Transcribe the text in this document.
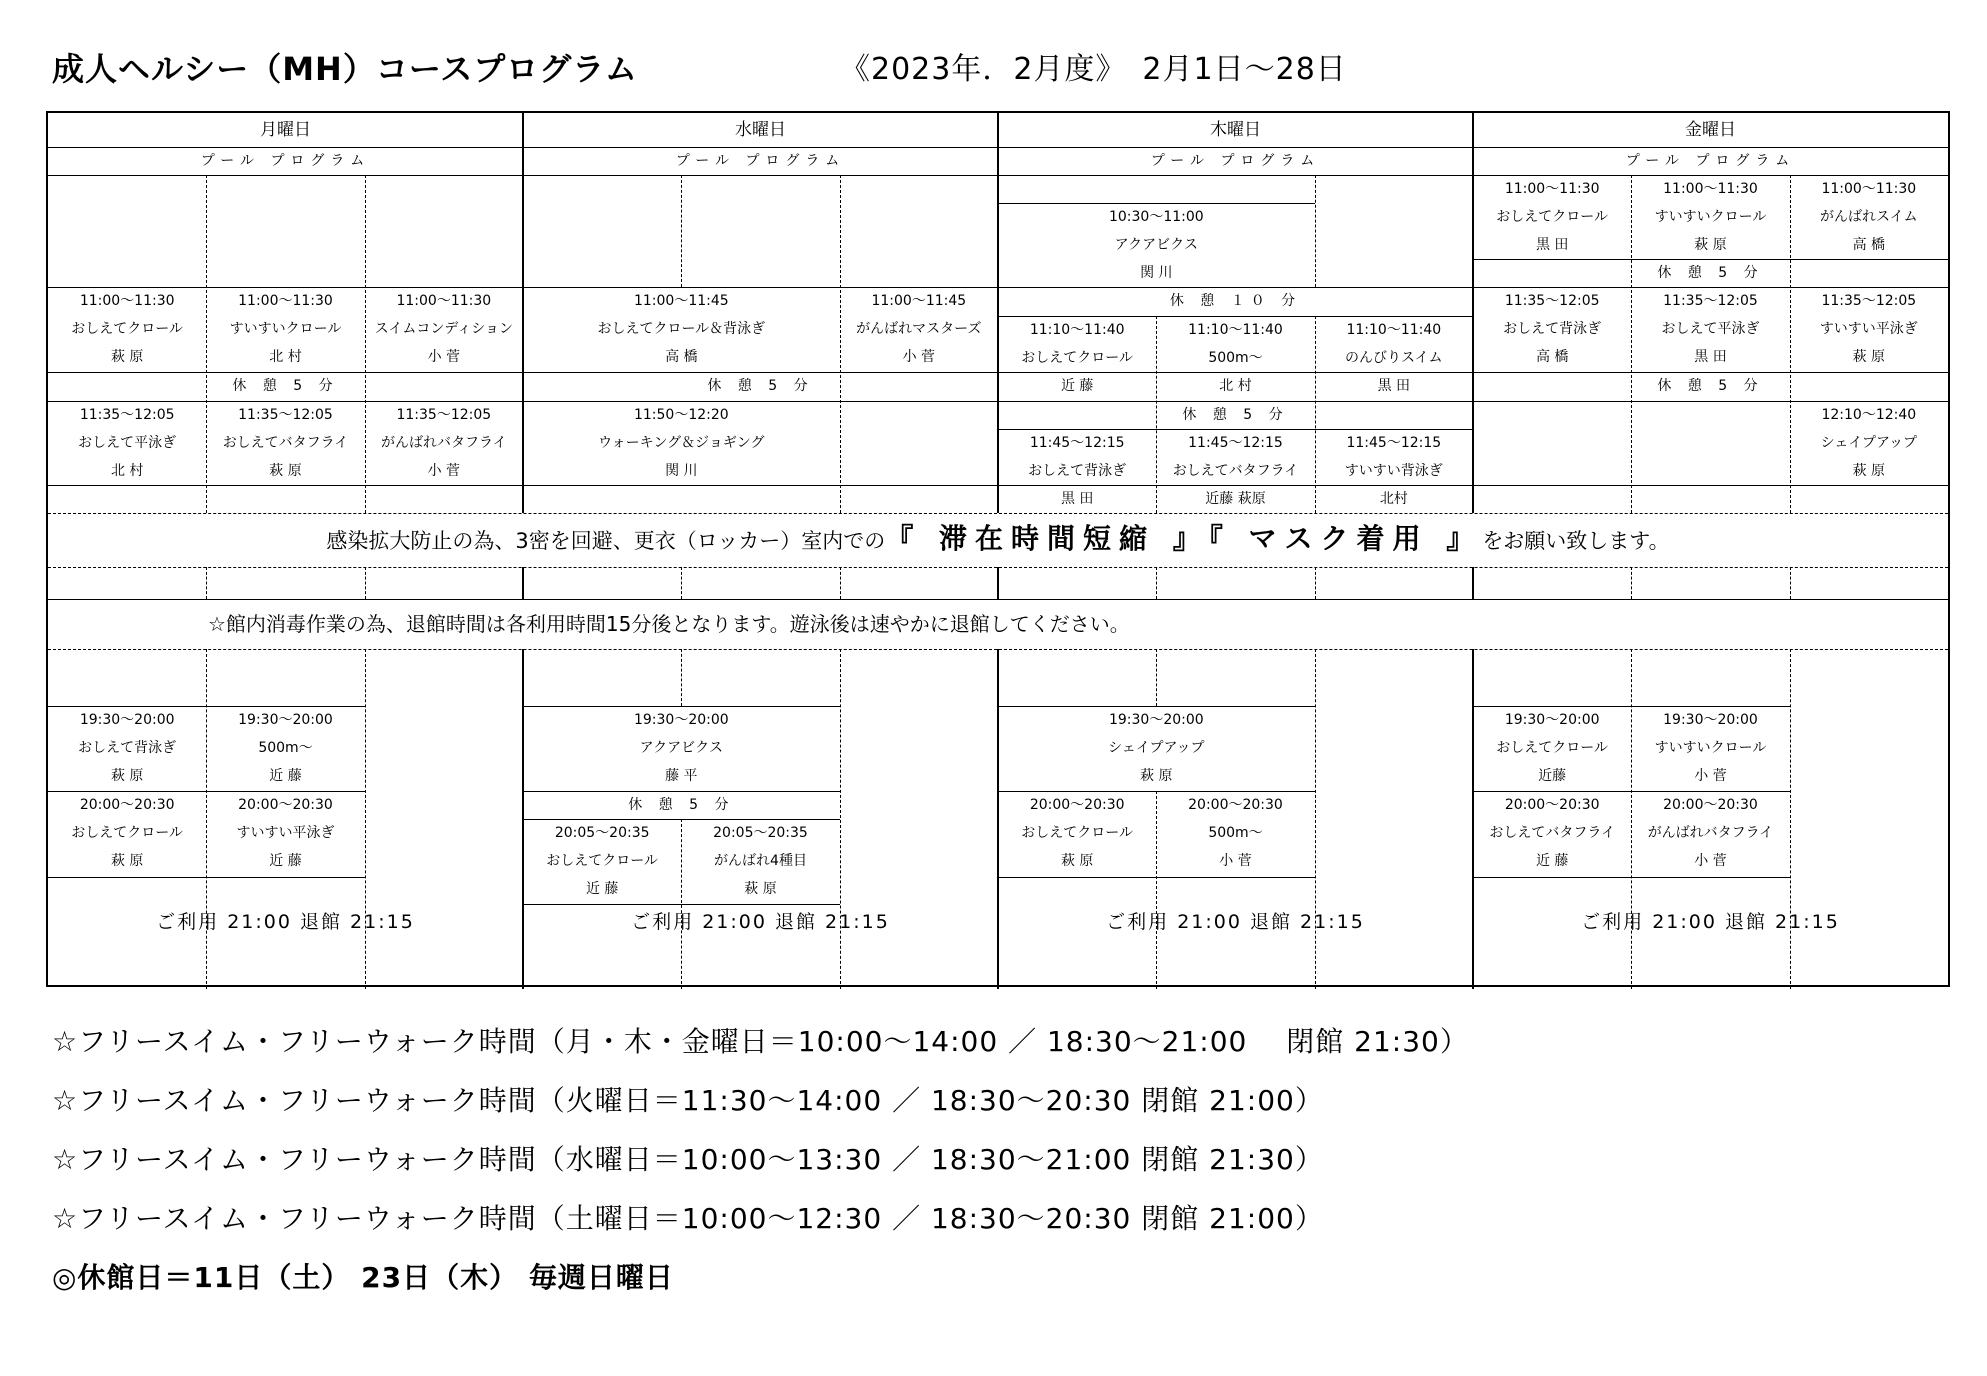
成人ヘルシー（MH）コースプログラム	《2023年．2月度》　2月1日～28日
月曜日
プール プログラム
ご利用 21:00 退館 21:15
水曜日
プール プログラム
ご利用 21:00 退館 21:15
木曜日
プール プログラム
ご利用 21:00 退館 21:15
金曜日
プール プログラム
ご利用 21:00 退館 21:15
11:00～11:30
おしえてクロール
萩 原
11:00～11:30
すいすいクロール
北 村
11:00～11:30
スイムコンディション
小 菅
休 憩 5 分
11:35～12:05
おしえて平泳ぎ
北 村
11:35～12:05
おしえてバタフライ
萩 原
11:35～12:05
がんばれバタフライ
小 菅
11:00～11:45
おしえてクロール＆背泳ぎ
高 橋
11:00～11:45
がんばれマスターズ
小 菅
休 憩 5 分
11:50～12:20
ウォーキング＆ジョギング
関 川
10:30～11:00
アクアビクス
関 川
休 憩 １０ 分
11:10～11:40
おしえてクロール
近 藤
11:10～11:40
500m～
北 村
11:10～11:40
のんびりスイム
黒 田
休 憩 5 分
11:45～12:15
おしえて背泳ぎ
黒 田
11:45～12:15
おしえてバタフライ
近藤 萩原
11:45～12:15
すいすい背泳ぎ
北村
11:00～11:30
おしえてクロール
黒 田
11:00～11:30
すいすいクロール
萩 原
11:00～11:30
がんばれスイム
高 橋
休 憩 5 分
11:35～12:05
おしえて背泳ぎ
高 橋
11:35～12:05
おしえて平泳ぎ
黒 田
11:35～12:05
すいすい平泳ぎ
萩 原
休 憩 5 分
12:10～12:40
シェイプアップ
萩 原
感染拡大防止の為、3密を回避、更衣（ロッカー）室内での『 滞在時間短縮 』『 マスク着用 』をお願い致します。
☆館内消毒作業の為、退館時間は各利用時間15分後となります。遊泳後は速やかに退館してください。
19:30～20:00
おしえて背泳ぎ
萩 原
19:30～20:00
500m～
近 藤
20:00～20:30
おしえてクロール
萩 原
20:00～20:30
すいすい平泳ぎ
近 藤
19:30～20:00
アクアビクス
藤 平
休 憩 5 分
20:05～20:35
おしえてクロール
近 藤
20:05～20:35
がんばれ4種目
萩 原
19:30～20:00
シェイプアップ
萩 原
20:00～20:30
おしえてクロール
萩 原
20:00～20:30
500m～
小 菅
19:30～20:00
おしえてクロール
近藤
19:30～20:00
すいすいクロール
小 菅
20:00～20:30
おしえてバタフライ
近 藤
20:00～20:30
がんばれバタフライ
小 菅
☆フリースイム・フリーウォーク時間（月・木・金曜日＝10:00～14:00 ／ 18:30～21:00　 閉館 21:30）
☆フリースイム・フリーウォーク時間（火曜日＝11:30～14:00 ／ 18:30～20:30 閉館 21:00）
☆フリースイム・フリーウォーク時間（水曜日＝10:00～13:30 ／ 18:30～21:00 閉館 21:30）
☆フリースイム・フリーウォーク時間（土曜日＝10:00～12:30 ／ 18:30～20:30 閉館 21:00）
◎休館日＝11日（土） 23日（木） 毎週日曜日
